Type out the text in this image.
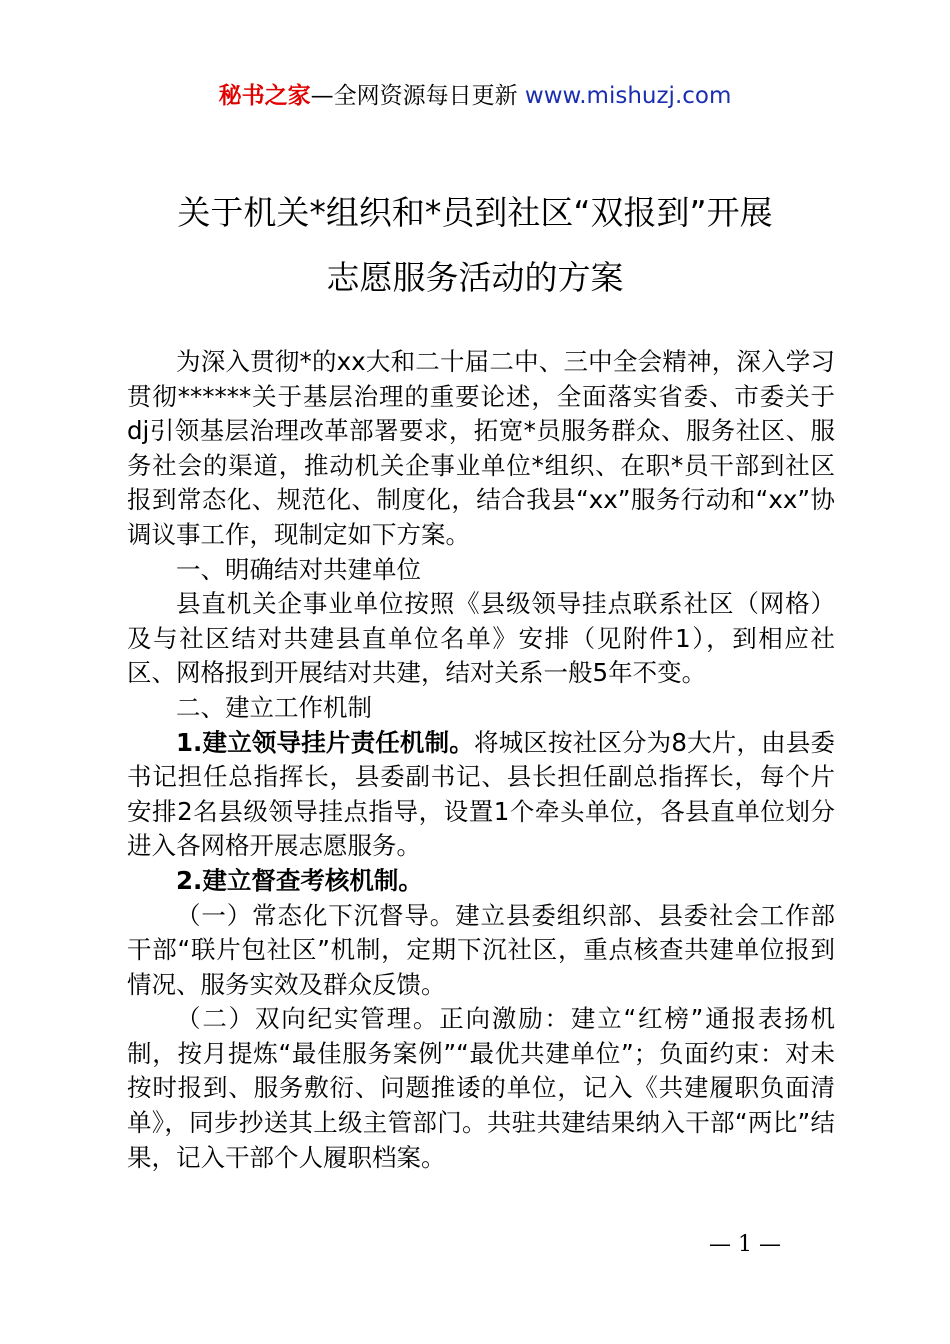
秘书之家—全网资源每日更新 www.mishuzj.com
关于机关*组织和*员到社区“双报到”开展
志愿服务活动的方案

为深入贯彻*的xx大和二十届二中、三中全会精神，深入学习贯彻******关于基层治理的重要论述，全面落实省委、市委关于dj引领基层治理改革部署要求，拓宽*员服务群众、服务社区、服务社会的渠道，推动机关企事业单位*组织、在职*员干部到社区报到常态化、规范化、制度化，结合我县“xx”服务行动和“xx”协调议事工作，现制定如下方案。

一、明确结对共建单位

县直机关企事业单位按照《县级领导挂点联系社区（网格）及与社区结对共建县直单位名单》安排（见附件1），到相应社区、网格报到开展结对共建，结对关系一般5年不变。

二、建立工作机制

1.建立领导挂片责任机制。将城区按社区分为8大片，由县委书记担任总指挥长，县委副书记、县长担任副总指挥长，每个片安排2名县级领导挂点指导，设置1个牵头单位，各县直单位划分进入各网格开展志愿服务。

2.建立督查考核机制。

（一）常态化下沉督导。建立县委组织部、县委社会工作部干部“联片包社区”机制，定期下沉社区，重点核查共建单位报到情况、服务实效及群众反馈。

（二）双向纪实管理。正向激励：建立“红榜”通报表扬机制，按月提炼“最佳服务案例”“最优共建单位”；负面约束：对未按时报到、服务敷衍、问题推诿的单位，记入《共建履职负面清单》，同步抄送其上级主管部门。共驻共建结果纳入干部“两比”结果，记入干部个人履职档案。

— 1 —
